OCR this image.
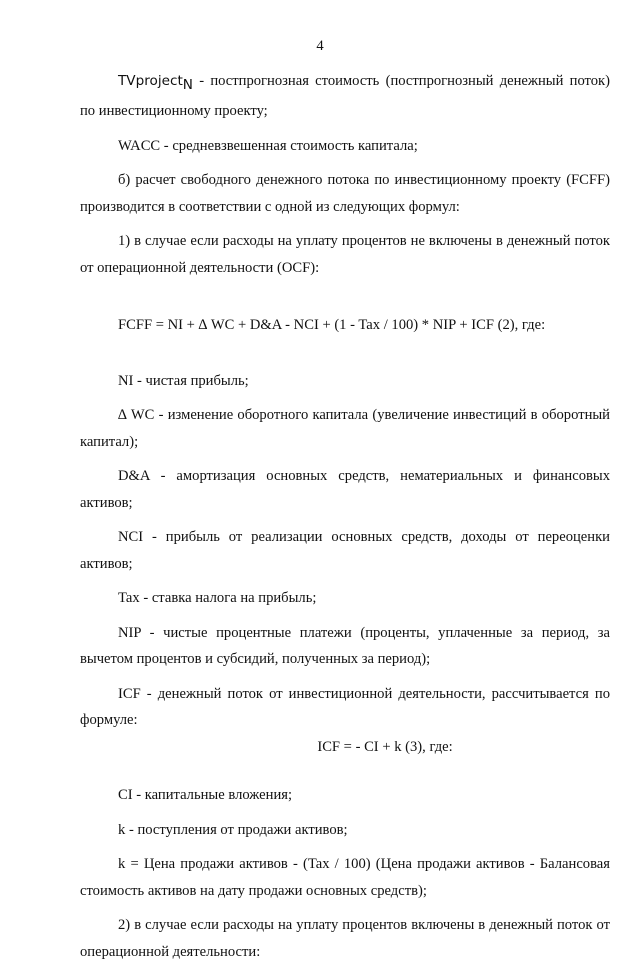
4

TVproject$_N$ - постпрогнозная стоимость (постпрогнозный денежный поток) по инвестиционному проекту;

WACC - средневзвешенная стоимость капитала;

б) расчет свободного денежного потока по инвестиционному проекту (FCFF) производится в соответствии с одной из следующих формул:

1) в случае если расходы на уплату процентов не включены в денежный поток от операционной деятельности (OCF):

FCFF = NI + ∆ WC + D&A - NCI + (1 - Tax / 100) * NIP + ICF (2), где:

NI - чистая прибыль;

∆ WC - изменение оборотного капитала (увеличение инвестиций в оборотный капитал);

D&A - амортизация основных средств, нематериальных и финансовых активов;

NCI - прибыль от реализации основных средств, доходы от переоценки активов;

Tax - ставка налога на прибыль;

NIP - чистые процентные платежи (проценты, уплаченные за период, за вычетом процентов и субсидий, полученных за период);

ICF - денежный поток от инвестиционной деятельности, рассчитывается по формуле:

ICF = - CI + k (3), где:

CI - капитальные вложения;

k - поступления от продажи активов;

k = Цена продажи активов - (Tax / 100) (Цена продажи активов - Балансовая стоимость активов на дату продажи основных средств);

2) в случае если расходы на уплату процентов включены в денежный поток от операционной деятельности:
